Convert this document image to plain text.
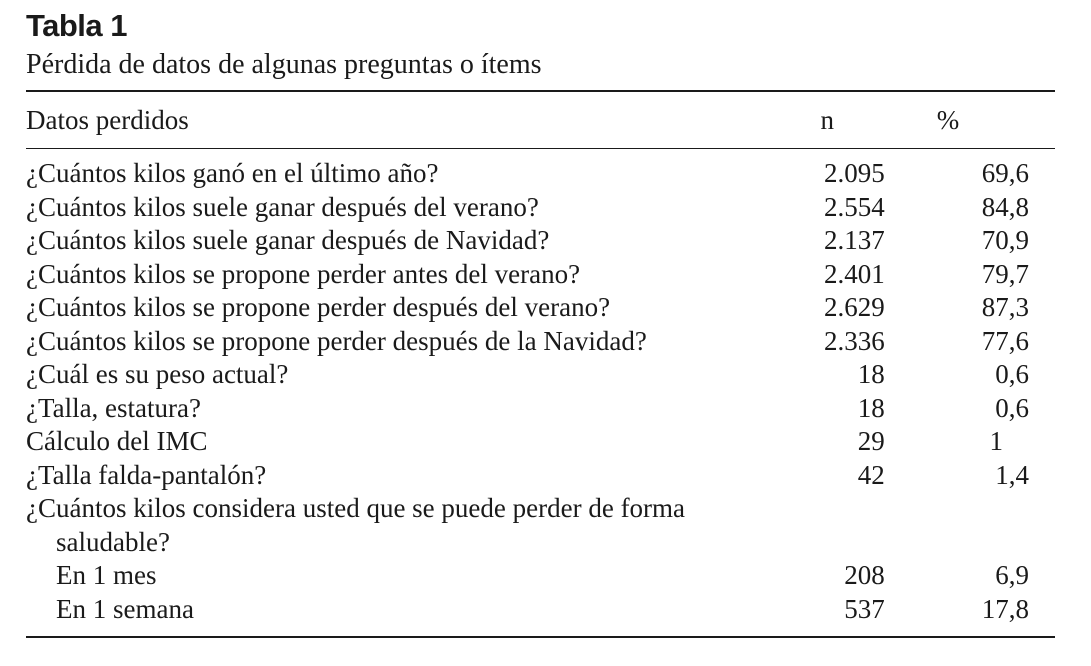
Tabla 1
Pérdida de datos de algunas preguntas o ítems
Datos perdidos	n	%
¿Cuántos kilos ganó en el último año?	2.095	69,6
¿Cuántos kilos suele ganar después del verano?	2.554	84,8
¿Cuántos kilos suele ganar después de Navidad?	2.137	70,9
¿Cuántos kilos se propone perder antes del verano?	2.401	79,7
¿Cuántos kilos se propone perder después del verano?	2.629	87,3
¿Cuántos kilos se propone perder después de la Navidad?	2.336	77,6
¿Cuál es su peso actual?	18	0,6
¿Talla, estatura?	18	0,6
Cálculo del IMC	29	1
¿Talla falda-pantalón?	42	1,4
¿Cuántos kilos considera usted que se puede perder de forma		
saludable?		
En 1 mes	208	6,9
En 1 semana	537	17,8
